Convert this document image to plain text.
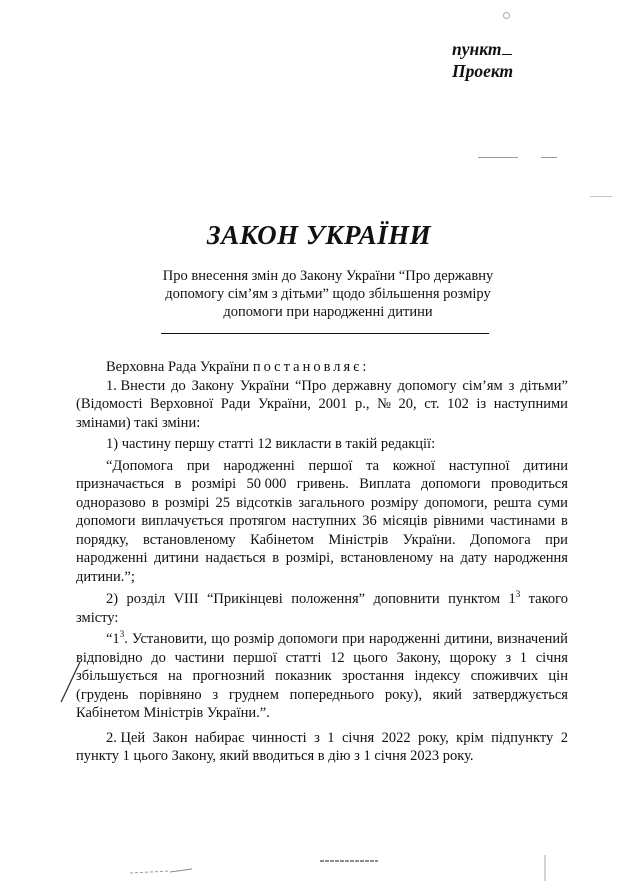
пункт
Проект
ЗАКОН УКРАЇНИ
Про внесення змін до Закону України “Про державну
допомогу сім’ям з дітьми” щодо збільшення розміру
допомоги при народженні дитини
Верховна Рада України постановляє:
1. Внести до Закону України “Про державну допомогу сім’ям з дітьми”
(Відомості Верховної Ради України, 2001 р., № 20, ст. 102 із наступними
змінами) такі зміни:
1) частину першу статті 12 викласти в такій редакції:
“Допомога при народженні першої та кожної наступної дитини
призначається в розмірі 50 000 гривень. Виплата допомоги проводиться
одноразово в розмірі 25 відсотків загального розміру допомоги, решта суми
допомоги виплачується протягом наступних 36 місяців рівними частинами в
порядку, встановленому Кабінетом Міністрів України. Допомога при
народженні дитини надається в розмірі, встановленому на дату народження
дитини.”;
2) розділ VIII “Прикінцеві положення” доповнити пунктом $1^3$ такого
змісту:
“$1^3$. Установити, що розмір допомоги при народженні дитини, визначений
відповідно до частини першої статті 12 цього Закону, щороку з 1 січня
збільшується на прогнозний показник зростання індексу споживчих цін
(грудень порівняно з груднем попереднього року), який затверджується
Кабінетом Міністрів України.”.
2. Цей Закон набирає чинності з 1 січня 2022 року, крім підпункту 2
пункту 1 цього Закону, який вводиться в дію з 1 січня 2023 року.
